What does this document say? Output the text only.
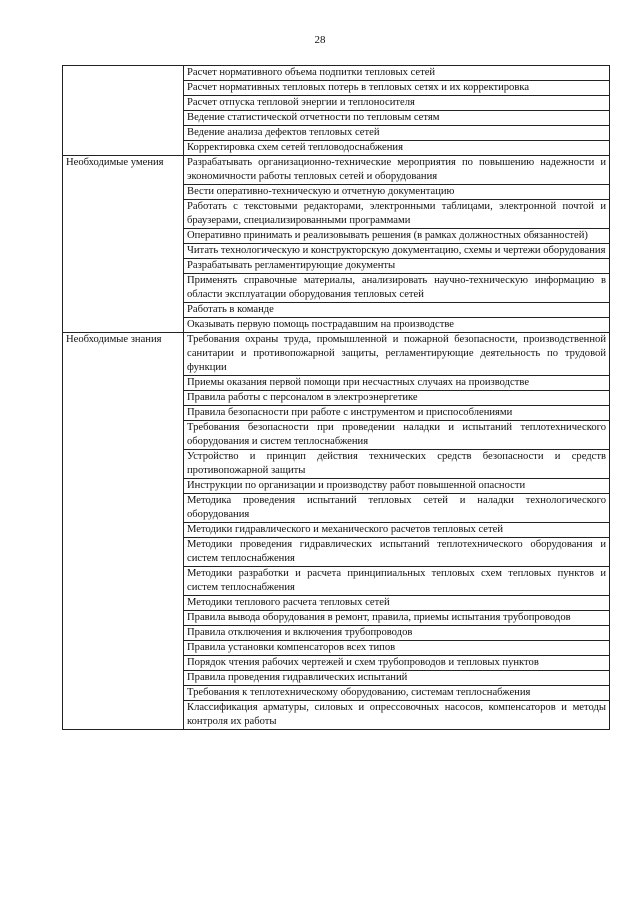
28
	Расчет нормативного объема подпитки тепловых сетей
	Расчет нормативных тепловых потерь в тепловых сетях и их корректировка
	Расчет отпуска тепловой энергии и теплоносителя
	Ведение статистической отчетности по тепловым сетям
	Ведение анализа дефектов тепловых сетей
	Корректировка схем сетей тепловодоснабжения
Необходимые умения	Разрабатывать организационно-технические мероприятия по повышению надежности и экономичности работы тепловых сетей и оборудования
	Вести оперативно-техническую и отчетную документацию
	Работать с текстовыми редакторами, электронными таблицами, электронной почтой и браузерами, специализированными программами
	Оперативно принимать и реализовывать решения (в рамках должностных обязанностей)
	Читать технологическую и конструкторскую документацию, схемы и чертежи оборудования
	Разрабатывать регламентирующие документы
	Применять справочные материалы, анализировать научно-техническую информацию в области эксплуатации оборудования тепловых сетей
	Работать в команде
	Оказывать первую помощь пострадавшим на производстве
Необходимые знания	Требования охраны труда, промышленной и пожарной безопасности, производственной санитарии и противопожарной защиты, регламентирующие деятельность по трудовой функции
	Приемы оказания первой помощи при несчастных случаях на производстве
	Правила работы с персоналом в электроэнергетике
	Правила безопасности при работе с инструментом и приспособлениями
	Требования безопасности при проведении наладки и испытаний теплотехнического оборудования и систем теплоснабжения
	Устройство и принцип действия технических средств безопасности и средств противопожарной защиты
	Инструкции по организации и производству работ повышенной опасности
	Методика проведения испытаний тепловых сетей и наладки технологического оборудования
	Методики гидравлического и механического расчетов тепловых сетей
	Методики проведения гидравлических испытаний теплотехнического оборудования и систем теплоснабжения
	Методики разработки и расчета принципиальных тепловых схем тепловых пунктов и систем теплоснабжения
	Методики теплового расчета тепловых сетей
	Правила вывода оборудования в ремонт, правила, приемы испытания трубопроводов
	Правила отключения и включения трубопроводов
	Правила установки компенсаторов всех типов
	Порядок чтения рабочих чертежей и схем трубопроводов и тепловых пунктов
	Правила проведения гидравлических испытаний
	Требования к теплотехническому оборудованию, системам теплоснабжения
	Классификация арматуры, силовых и опрессовочных насосов, компенсаторов и методы контроля их работы
